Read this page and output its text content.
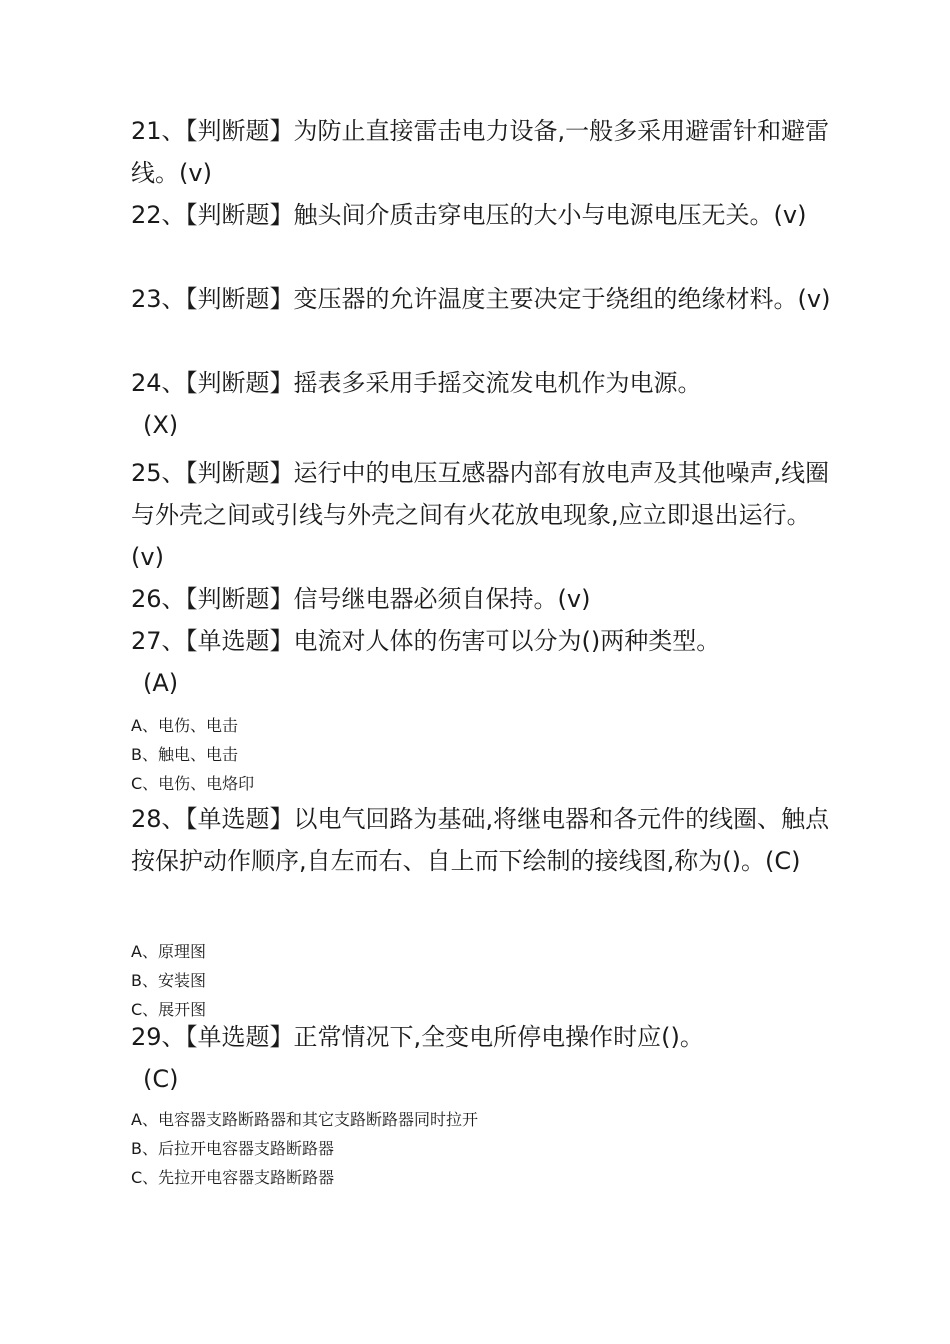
21、【判断题】为防止直接雷击电力设备,一般多采用避雷针和避雷线。(v)

22、【判断题】触头间介质击穿电压的大小与电源电压无关。(v)

23、【判断题】变压器的允许温度主要决定于绕组的绝缘材料。(v)

24、【判断题】摇表多采用手摇交流发电机作为电源。
(X)

25、【判断题】运行中的电压互感器内部有放电声及其他噪声,线圈与外壳之间或引线与外壳之间有火花放电现象,应立即退出运行。(v)

26、【判断题】信号继电器必须自保持。(v)

27、【单选题】电流对人体的伤害可以分为()两种类型。
(A)

A、电伤、电击

B、触电、电击

C、电伤、电烙印

28、【单选题】以电气回路为基础,将继电器和各元件的线圈、触点按保护动作顺序,自左而右、自上而下绘制的接线图,称为()。(C)

A、原理图

B、安装图

C、展开图

29、【单选题】正常情况下,全变电所停电操作时应()。
(C)

A、电容器支路断路器和其它支路断路器同时拉开

B、后拉开电容器支路断路器

C、先拉开电容器支路断路器
